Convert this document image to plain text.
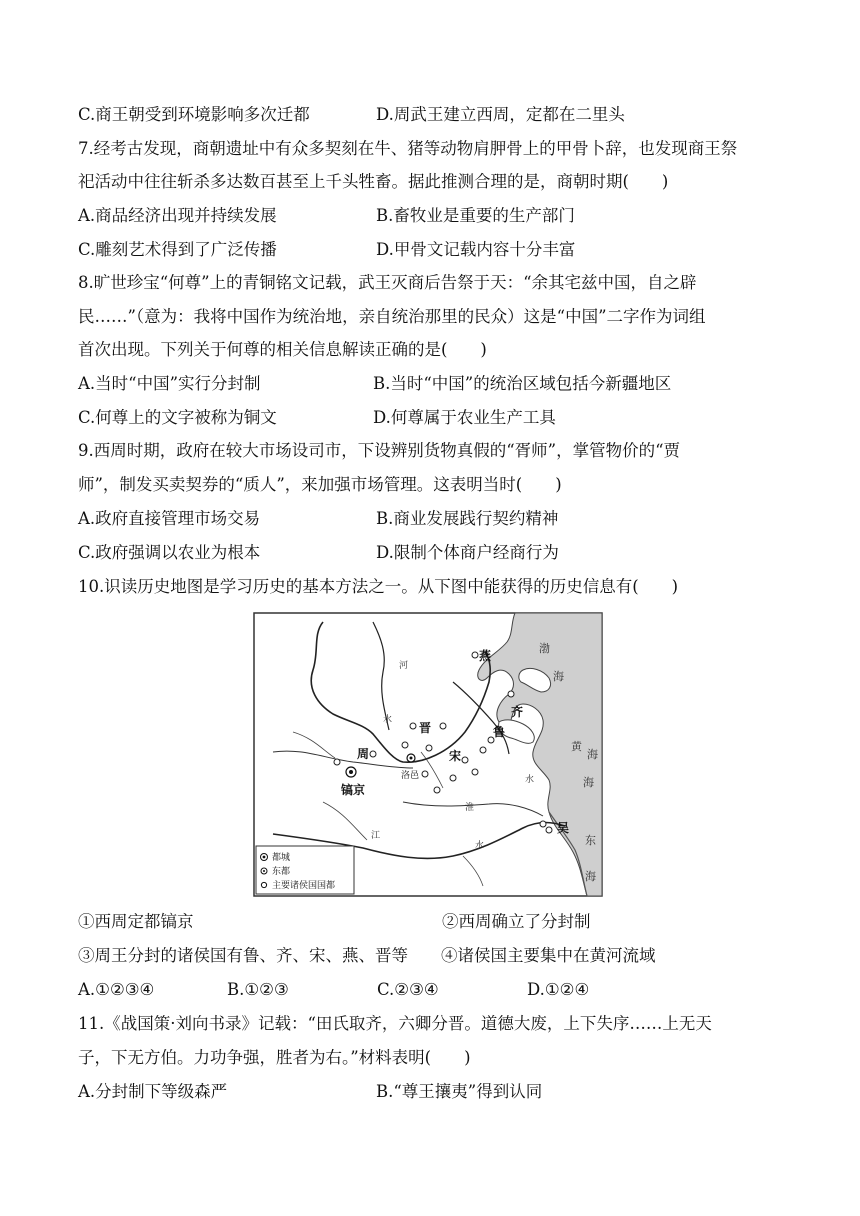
C.商王朝受到环境影响多次迁都	D.周武王建立西周，定都在二里头
7.经考古发现，商朝遗址中有众多契刻在牛、猪等动物肩胛骨上的甲骨卜辞，也发现商王祭
祀活动中往往斩杀多达数百甚至上千头牲畜。据此推测合理的是，商朝时期(　　)
A.商品经济出现并持续发展	B.畜牧业是重要的生产部门
C.雕刻艺术得到了广泛传播	D.甲骨文记载内容十分丰富
8.旷世珍宝“何尊”上的青铜铭文记载，武王灭商后告祭于天：“余其宅兹中国，自之辟
民……”（意为：我将中国作为统治地，亲自统治那里的民众）这是“中国”二字作为词组
首次出现。下列关于何尊的相关信息解读正确的是(　　)
A.当时“中国”实行分封制	B.当时“中国”的统治区域包括今新疆地区
C.何尊上的文字被称为铜文	D.何尊属于农业生产工具
9.西周时期，政府在较大市场设司市，下设辨别货物真假的“胥师”，掌管物价的“贾
师”，制发买卖契券的“质人”，来加强市场管理。这表明当时(　　)
A.政府直接管理市场交易	B.商业发展践行契约精神
C.政府强调以农业为根本	D.限制个体商户经商行为
10.识读历史地图是学习历史的基本方法之一。从下图中能获得的历史信息有(　　)
燕
齐
鲁
晋
周	宋
镐京
洛邑
吴
渤
海
黄
海
海
东
海
河
水
水
水
江
淮
都城
东都
主要诸侯国国都
①西周定都镐京	②西周确立了分封制
③周王分封的诸侯国有鲁、齐、宋、燕、晋等 ④诸侯国主要集中在黄河流域
A.①②③④	B.①②③	C.②③④	D.①②④
11.《战国策·刘向书录》记载：“田氏取齐，六卿分晋。道德大废，上下失序……上无天
子，下无方伯。力功争强，胜者为右。”材料表明(　　)
A.分封制下等级森严	B.“尊王攘夷”得到认同
